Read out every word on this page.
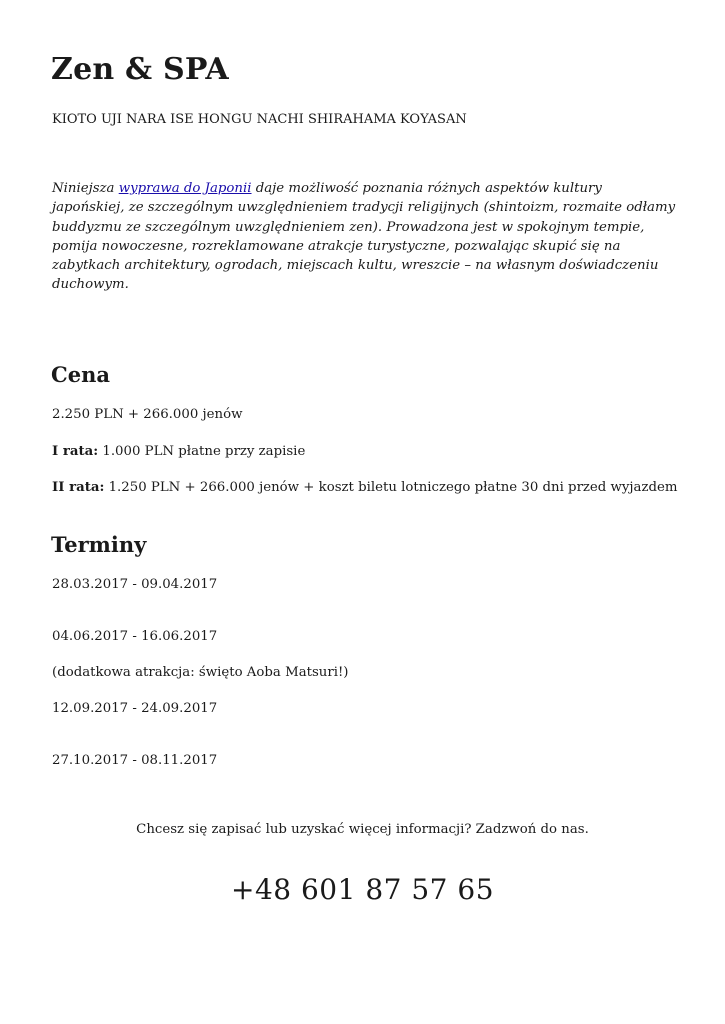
Zen & SPA

KIOTO UJI NARA ISE HONGU NACHI SHIRAHAMA KOYASAN

Niniejsza wyprawa do Japonii daje możliwość poznania różnych aspektów kultury japońskiej, ze szczególnym uwzględnieniem tradycji religijnych (shintoizm, rozmaite odłamy buddyzmu ze szczególnym uwzględnieniem zen). Prowadzona jest w spokojnym tempie, pomija nowoczesne, rozreklamowane atrakcje turystyczne, pozwalając skupić się na zabytkach architektury, ogrodach, miejscach kultu, wreszcie – na własnym doświadczeniu duchowym.

Cena

2.250 PLN + 266.000 jenów

I rata: 1.000 PLN płatne przy zapisie

II rata: 1.250 PLN + 266.000 jenów + koszt biletu lotniczego płatne 30 dni przed wyjazdem

Terminy

28.03.2017 - 09.04.2017

04.06.2017 - 16.06.2017

(dodatkowa atrakcja: święto Aoba Matsuri!)

12.09.2017 - 24.09.2017

27.10.2017 - 08.11.2017

Chcesz się zapisać lub uzyskać więcej informacji? Zadzwoń do nas.

+48 601 87 57 65
